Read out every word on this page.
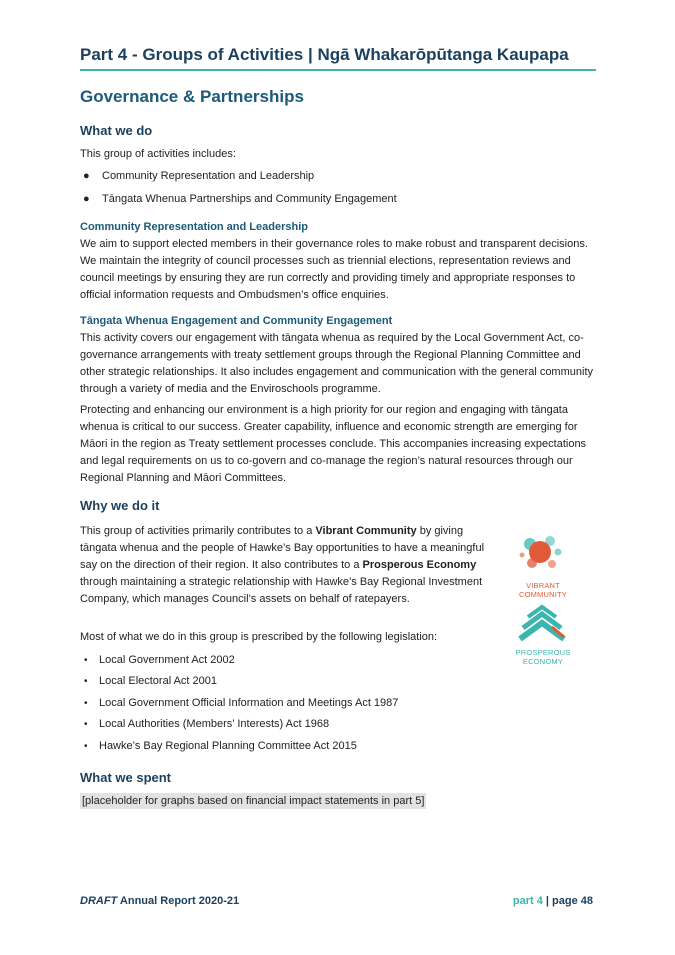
Part 4 - Groups of Activities | Ngā Whakarōpūtanga Kaupapa
Governance & Partnerships
What we do
This group of activities includes:
● Community Representation and Leadership
● Tāngata Whenua Partnerships and Community Engagement
Community Representation and Leadership

We aim to support elected members in their governance roles to make robust and transparent decisions. We maintain the integrity of council processes such as triennial elections, representation reviews and council meetings by ensuring they are run correctly and providing timely and appropriate responses to official information requests and Ombudsmen’s office enquiries.

Tāngata Whenua Engagement and Community Engagement

This activity covers our engagement with tāngata whenua as required by the Local Government Act, co-governance arrangements with treaty settlement groups through the Regional Planning Committee and other strategic relationships. It also includes engagement and communication with the general community through a variety of media and the Enviroschools programme.

Protecting and enhancing our environment is a high priority for our region and engaging with tāngata whenua is critical to our success. Greater capability, influence and economic strength are emerging for Māori in the region as Treaty settlement processes conclude. This accompanies increasing expectations and legal requirements on us to co-govern and co-manage the region’s natural resources through our Regional Planning and Māori Committees.

Why we do it

This group of activities primarily contributes to a Vibrant Community by giving tāngata whenua and the people of Hawke’s Bay opportunities to have a meaningful say on the direction of their region. It also contributes to a Prosperous Economy through maintaining a strategic relationship with Hawke’s Bay Regional Investment Company, which manages Council’s assets on behalf of ratepayers.

Most of what we do in this group is prescribed by the following legislation:

• Local Government Act 2002
• Local Electoral Act 2001
• Local Government Official Information and Meetings Act 1987
• Local Authorities (Members’ Interests) Act 1968
• Hawke’s Bay Regional Planning Committee Act 2015
VIBRANT
COMMUNITY
PROSPEROUS
ECONOMY
What we spent
[placeholder for graphs based on financial impact statements in part 5]
DRAFT Annual Report 2020-21	part 4 | page 48
